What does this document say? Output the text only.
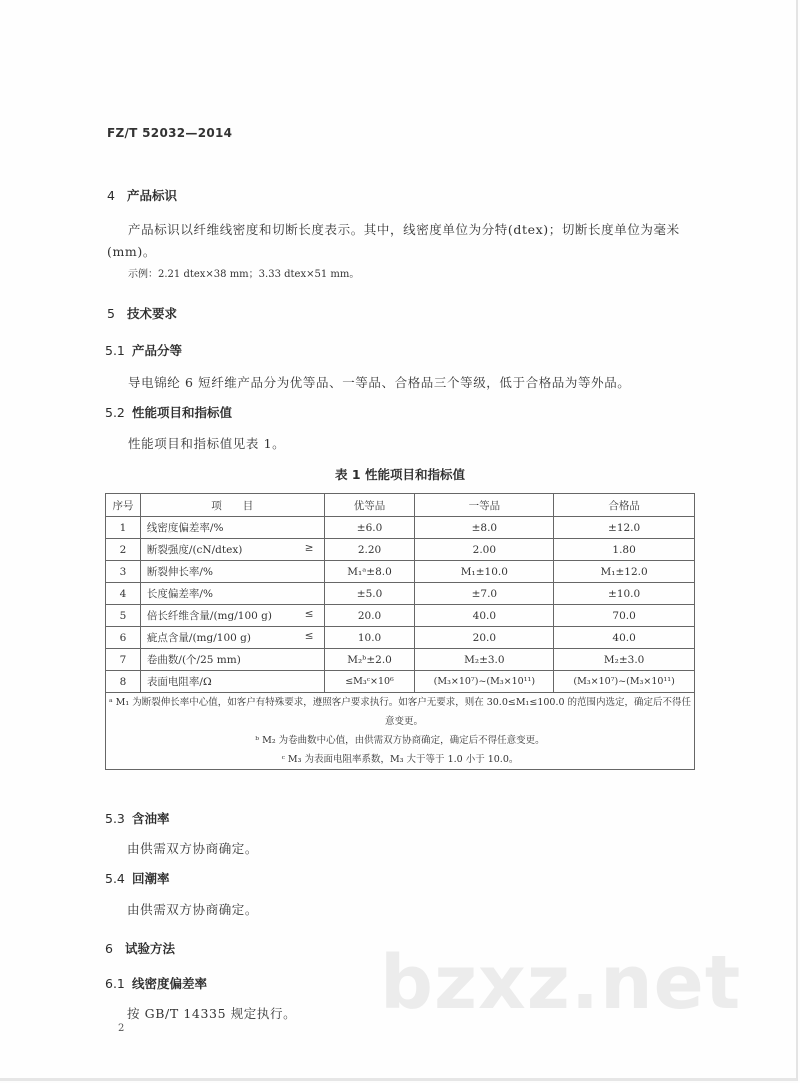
FZ/T 52032—2014
4 产品标识
产品标识以纤维线密度和切断长度表示。其中，线密度单位为分特(dtex)；切断长度单位为毫米
(mm)。
示例：2.21 dtex×38 mm；3.33 dtex×51 mm。
5 技术要求
5.1 产品分等
导电锦纶 6 短纤维产品分为优等品、一等品、合格品三个等级，低于合格品为等外品。
5.2 性能项目和指标值
性能项目和指标值见表 1。
表 1 性能项目和指标值
序号	项　　目	优等品	一等品	合格品
1	线密度偏差率/%	±6.0	±8.0	±12.0
2	断裂强度/(cN/dtex) ≥	2.20	2.00	1.80
3	断裂伸长率/%	M₁ᵃ±8.0	M₁±10.0	M₁±12.0
4	长度偏差率/%	±5.0	±7.0	±10.0
5	倍长纤维含量/(mg/100 g) ≤	20.0	40.0	70.0
6	疵点含量/(mg/100 g) ≤	10.0	20.0	40.0
7	卷曲数/(个/25 mm)	M₂ᵇ±2.0	M₂±3.0	M₂±3.0
8	表面电阻率/Ω	≤M₃ᶜ×10⁶	(M₃×10⁷)~(M₃×10¹¹)	(M₃×10⁷)~(M₃×10¹¹)

ᵃ M₁ 为断裂伸长率中心值，如客户有特殊要求，遵照客户要求执行。如客户无要求，则在 30.0≤M₁≤100.0 的范围内选定，确定后不得任意变更。
ᵇ M₂ 为卷曲数中心值，由供需双方协商确定，确定后不得任意变更。
ᶜ M₃ 为表面电阻率系数，M₃ 大于等于 1.0 小于 10.0。				
5.3 含油率
由供需双方协商确定。
5.4 回潮率
由供需双方协商确定。
bzxz.net
6 试验方法
6.1 线密度偏差率
按 GB/T 14335 规定执行。
2
